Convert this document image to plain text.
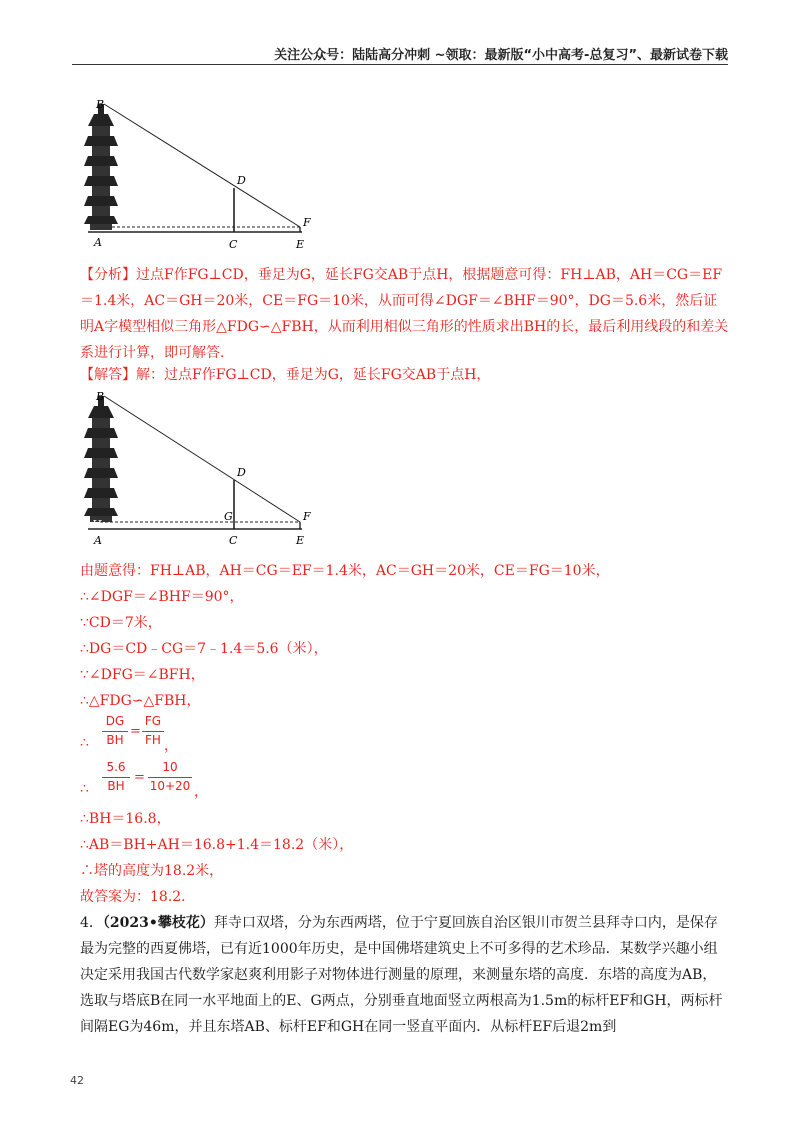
关注公众号：陆陆高分冲刺 ~领取：最新版“小中高考-总复习”、最新试卷下载
B
D
F
A	C	E
【分析】过点F作FG⊥CD，垂足为G，延长FG交AB于点H，根据题意可得：FH⊥AB，AH＝CG＝EF＝1.4米，AC＝GH＝20米，CE＝FG＝10米，从而可得∠DGF＝∠BHF＝90°，DG＝5.6米，然后证明A字模型相似三角形△FDG∽△FBH，从而利用相似三角形的性质求出BH的长，最后利用线段的和差关系进行计算，即可解答.
【解答】解：过点F作FG⊥CD，垂足为G，延长FG交AB于点H，
B
D
F
G
H
A	C	E
由题意得：FH⊥AB，AH＝CG＝EF＝1.4米，AC＝GH＝20米，CE＝FG＝10米，
∴∠DGF＝∠BHF＝90°，
∵CD＝7米，
∴DG＝CD﹣CG＝7﹣1.4＝5.6（米），
∵∠DFG＝∠BFH，
∴△FDG∽△FBH，
∴
DG
BH
=
FG
FH ，
∴
5.6
BH
=
10
10+20 ，
∴BH＝16.8，
∴AB＝BH+AH＝16.8+1.4＝18.2（米），
∴塔的高度为18.2米，
故答案为：18.2.
4．（2023•攀枝花）拜寺口双塔，分为东西两塔，位于宁夏回族自治区银川市贺兰县拜寺口内，是保存最为完整的西夏佛塔，已有近1000年历史，是中国佛塔建筑史上不可多得的艺术珍品．某数学兴趣小组决定采用我国古代数学家赵爽利用影子对物体进行测量的原理，来测量东塔的高度．东塔的高度为AB，选取与塔底B在同一水平地面上的E、G两点，分别垂直地面竖立两根高为1.5m的标杆EF和GH，两标杆间隔EG为46m，并且东塔AB、标杆EF和GH在同一竖直平面内．从标杆EF后退2m到
42
